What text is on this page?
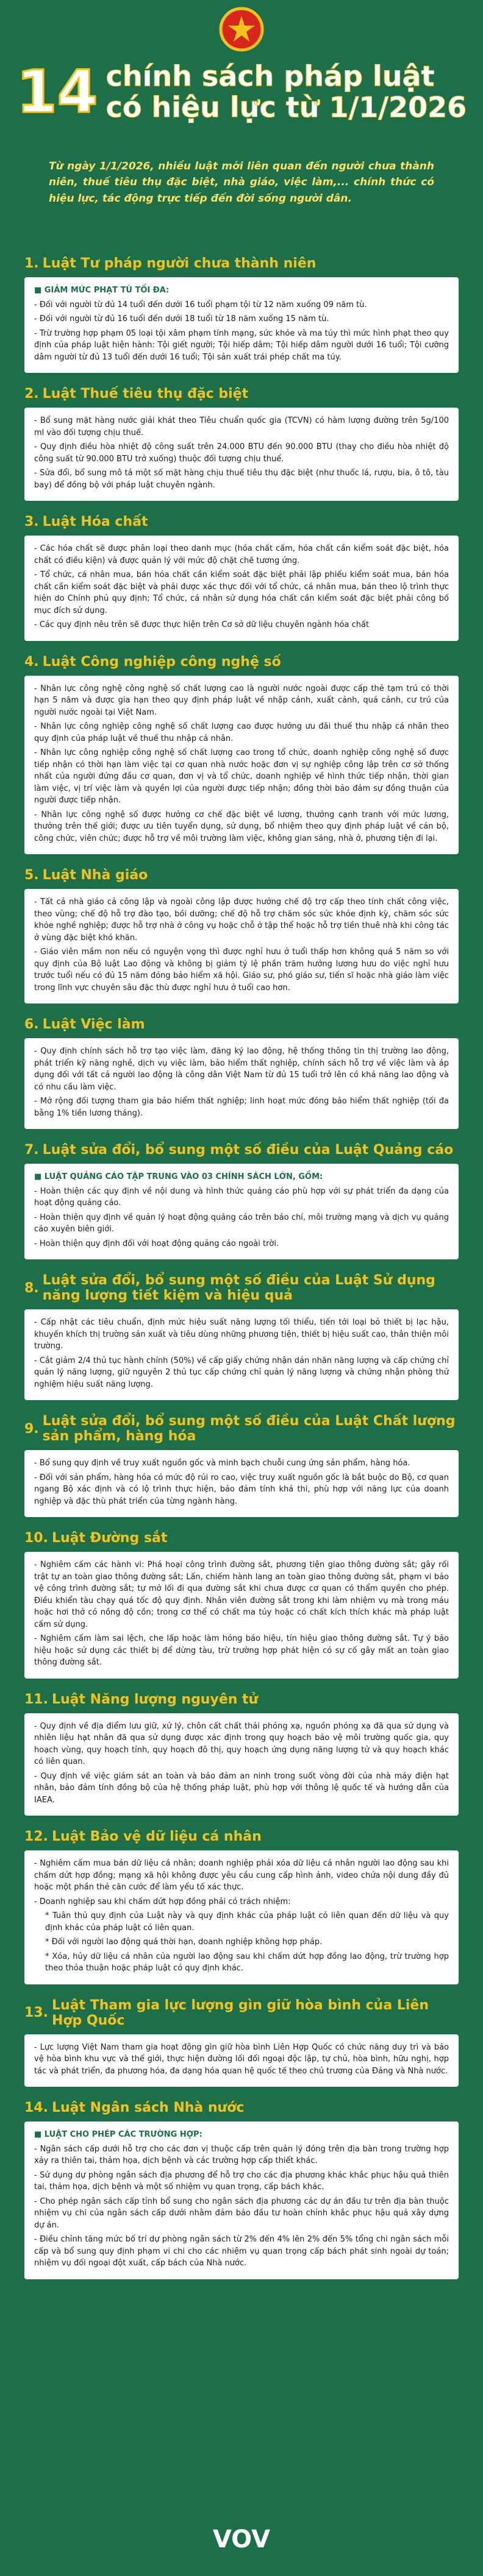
14 chính sách pháp luật
có hiệu lực từ 1/1/2026
Từ ngày 1/1/2026, nhiều luật mới liên quan đến người chưa thành niên, thuế tiêu thụ đặc biệt, nhà giáo, việc làm,... chính thức có hiệu lực, tác động trực tiếp đến đời sống người dân.
1. Luật Tư pháp người chưa thành niên

■ GIẢM MỨC PHẠT TÙ TỐI ĐA:

- Đối với người từ đủ 14 tuổi đến dưới 16 tuổi phạm tội từ 12 năm xuống 09 năm tù.

- Đối với người từ đủ 16 tuổi đến dưới 18 tuổi từ 18 năm xuống 15 năm tù.

- Trừ trường hợp phạm 05 loại tội xâm phạm tính mạng, sức khỏe và ma túy thì mức hình phạt theo quy định của pháp luật hiện hành: Tội giết người; Tội hiếp dâm; Tội hiếp dâm người dưới 16 tuổi; Tội cưỡng dâm người từ đủ 13 tuổi đến dưới 16 tuổi; Tội sản xuất trái phép chất ma túy.

2. Luật Thuế tiêu thụ đặc biệt

- Bổ sung mặt hàng nước giải khát theo Tiêu chuẩn quốc gia (TCVN) có hàm lượng đường trên 5g/100 ml vào đối tượng chịu thuế.

- Quy định điều hòa nhiệt độ công suất trên 24.000 BTU đến 90.000 BTU (thay cho điều hòa nhiệt độ công suất từ 90.000 BTU trở xuống) thuộc đối tượng chịu thuế.

- Sửa đổi, bổ sung mô tả một số mặt hàng chịu thuế tiêu thụ đặc biệt (như thuốc lá, rượu, bia, ô tô, tàu bay) để đồng bộ với pháp luật chuyên ngành.

3. Luật Hóa chất

- Các hóa chất sẽ được phân loại theo danh mục (hóa chất cấm, hóa chất cần kiểm soát đặc biệt, hóa chất có điều kiện) và được quản lý với mức độ chặt chẽ tương ứng.

- Tổ chức, cá nhân mua, bán hóa chất cần kiểm soát đặc biệt phải lập phiếu kiểm soát mua, bán hóa chất cần kiểm soát đặc biệt và phải được xác thực đối với tổ chức, cá nhân mua, bán theo lộ trình thực hiện do Chính phủ quy định; Tổ chức, cá nhân sử dụng hóa chất cần kiểm soát đặc biệt phải công bố mục đích sử dụng.

- Các quy định nêu trên sẽ được thực hiện trên Cơ sở dữ liệu chuyên ngành hóa chất

4. Luật Công nghiệp công nghệ số

- Nhân lực công nghệ công nghệ số chất lượng cao là người nước ngoài được cấp thẻ tạm trú có thời hạn 5 năm và được gia hạn theo quy định pháp luật về nhập cảnh, xuất cảnh, quá cảnh, cư trú của người nước ngoài tại Việt Nam.

- Nhân lực công nghiệp công nghệ số chất lượng cao được hưởng ưu đãi thuế thu nhập cá nhân theo quy định của pháp luật về thuế thu nhập cá nhân.

- Nhân lực công nghiệp công nghệ số chất lượng cao trong tổ chức, doanh nghiệp công nghệ số được tiếp nhận có thời hạn làm việc tại cơ quan nhà nước hoặc đơn vị sự nghiệp công lập trên cơ sở thống nhất của người đứng đầu cơ quan, đơn vị và tổ chức, doanh nghiệp về hình thức tiếp nhận, thời gian làm việc, vị trí việc làm và quyền lợi của người được tiếp nhận; đồng thời bảo đảm sự đồng thuận của người được tiếp nhận.

- Nhân lực công nghệ số được hưởng cơ chế đặc biệt về lương, thưởng cạnh tranh với mức lương, thưởng trên thế giới; được ưu tiên tuyển dụng, sử dụng, bổ nhiệm theo quy định pháp luật về cán bộ, công chức, viên chức; được hỗ trợ về môi trường làm việc, không gian sáng, nhà ở, phương tiện đi lại.

5. Luật Nhà giáo

- Tất cả nhà giáo cả công lập và ngoài công lập được hưởng chế độ trợ cấp theo tính chất công việc, theo vùng; chế độ hỗ trợ đào tạo, bồi dưỡng; chế độ hỗ trợ chăm sóc sức khỏe định kỳ, chăm sóc sức khỏe nghề nghiệp; được hỗ trợ nhà ở công vụ hoặc chỗ ở tập thể hoặc hỗ trợ tiền thuê nhà khi công tác ở vùng đặc biệt khó khăn.

- Giáo viên mầm non nếu có nguyện vọng thì được nghỉ hưu ở tuổi thấp hơn không quá 5 năm so với quy định của Bộ luật Lao động và không bị giảm tỷ lệ phần trăm hưởng lương hưu do việc nghỉ hưu trước tuổi nếu có đủ 15 năm đóng bảo hiểm xã hội. Giáo sư, phó giáo sư, tiến sĩ hoặc nhà giáo làm việc trong lĩnh vực chuyên sâu đặc thù được nghỉ hưu ở tuổi cao hơn.

6. Luật Việc làm

- Quy định chính sách hỗ trợ tạo việc làm, đăng ký lao động, hệ thống thông tin thị trường lao động, phát triển kỹ năng nghề, dịch vụ việc làm, bảo hiểm thất nghiệp, chính sách hỗ trợ về việc làm và áp dụng đối với tất cả người lao động là công dân Việt Nam từ đủ 15 tuổi trở lên có khả năng lao động và có nhu cầu làm việc.

- Mở rộng đối tượng tham gia bảo hiểm thất nghiệp; linh hoạt mức đóng bảo hiểm thất nghiệp (tối đa bằng 1% tiền lương tháng).

7. Luật sửa đổi, bổ sung một số điều của Luật Quảng cáo

■ LUẬT QUẢNG CÁO TẬP TRUNG VÀO 03 CHÍNH SÁCH LỚN, GỒM:

- Hoàn thiện các quy định về nội dung và hình thức quảng cáo phù hợp với sự phát triển đa dạng của hoạt động quảng cáo.

- Hoàn thiện quy định về quản lý hoạt động quảng cáo trên báo chí, môi trường mạng và dịch vụ quảng cáo xuyên biên giới.

- Hoàn thiện quy định đối với hoạt động quảng cáo ngoài trời.

8. Luật sửa đổi, bổ sung một số điều của Luật Sử dụng năng lượng tiết kiệm và hiệu quả

- Cấp nhật các tiêu chuẩn, định mức hiệu suất năng lượng tối thiểu, tiến tới loại bỏ thiết bị lạc hậu, khuyến khích thị trường sản xuất và tiêu dùng những phương tiện, thiết bị hiệu suất cao, thân thiện môi trường.

- Cắt giảm 2/4 thủ tục hành chính (50%) về cấp giấy chứng nhận dán nhãn năng lượng và cấp chứng chỉ quản lý năng lượng, giữ nguyên 2 thủ tục cấp chứng chỉ quản lý năng lượng và chứng nhận phòng thử nghiệm hiệu suất năng lượng.

9. Luật sửa đổi, bổ sung một số điều của Luật Chất lượng sản phẩm, hàng hóa

- Bổ sung quy định về truy xuất nguồn gốc và minh bạch chuỗi cung ứng sản phẩm, hàng hóa.

- Đối với sản phẩm, hàng hóa có mức độ rủi ro cao, việc truy xuất nguồn gốc là bắt buộc do Bộ, cơ quan ngang Bộ xác định và có lộ trình thực hiện, bảo đảm tính khả thi, phù hợp với năng lực của doanh nghiệp và đặc thù phát triển của từng ngành hàng.

10. Luật Đường sắt

- Nghiêm cấm các hành vi: Phá hoại công trình đường sắt, phương tiện giao thông đường sắt; gây rối trật tự an toàn giao thông đường sắt; Lấn, chiếm hành lang an toàn giao thông đường sắt, phạm vi bảo vệ công trình đường sắt; tự mở lối đi qua đường sắt khi chưa được cơ quan có thẩm quyền cho phép. Điều khiển tàu chạy quá tốc độ quy định. Nhân viên đường sắt trong khi làm nhiệm vụ mà trong máu hoặc hơi thở có nồng độ cồn; trong cơ thể có chất ma túy hoặc có chất kích thích khác mà pháp luật cấm sử dụng.

- Nghiêm cấm làm sai lệch, che lấp hoặc làm hỏng báo hiệu, tín hiệu giao thông đường sắt. Tự ý bảo hiệu hoặc sử dụng các thiết bị để dừng tàu, trừ trường hợp phát hiện có sự cố gây mất an toàn giao thông đường sắt.

11. Luật Năng lượng nguyên tử

- Quy định về địa điểm lưu giữ, xử lý, chôn cất chất thải phóng xạ, nguồn phóng xạ đã qua sử dụng và nhiên liệu hạt nhân đã qua sử dụng được xác định trong quy hoạch bảo vệ môi trường quốc gia, quy hoạch vùng, quy hoạch tỉnh, quy hoạch đô thị, quy hoạch ứng dụng năng lượng tử và quy hoạch khác có liên quan.

- Quy định về việc giám sát an toàn và bảo đảm an ninh trong suốt vòng đời của nhà máy điện hạt nhân, bảo đảm tính đồng bộ của hệ thống pháp luật, phù hợp với thông lệ quốc tế và hướng dẫn của IAEA.

12. Luật Bảo vệ dữ liệu cá nhân

- Nghiêm cấm mua bán dữ liệu cá nhân; doanh nghiệp phải xóa dữ liệu cá nhân người lao động sau khi chấm dứt hợp đồng; mạng xã hội không được yêu cầu cung cấp hình ảnh, video chứa nội dung đầy đủ hoặc một phần thẻ căn cước để làm yếu tố xác thực.

- Doanh nghiệp sau khi chấm dứt hợp đồng phải có trách nhiệm:

* Tuân thủ quy định của Luật này và quy định khác của pháp luật có liên quan đến dữ liệu và quy định khác của pháp luật có liên quan.

* Đối với người lao động quá thời hạn, doanh nghiệp không hợp pháp.

* Xóa, hủy dữ liệu cá nhân của người lao động sau khi chấm dứt hợp đồng lao động, trừ trường hợp theo thỏa thuận hoặc pháp luật có quy định khác.

13. Luật Tham gia lực lượng gìn giữ hòa bình của Liên Hợp Quốc

- Lực lượng Việt Nam tham gia hoạt động gìn giữ hòa bình Liên Hợp Quốc có chức năng duy trì và bảo vệ hòa bình khu vực và thế giới, thực hiện đường lối đối ngoại độc lập, tự chủ, hòa bình, hữu nghị, hợp tác và phát triển, đa phương hóa, đa dạng hóa quan hệ quốc tế theo chủ trương của Đảng và Nhà nước.

14. Luật Ngân sách Nhà nước

■ LUẬT CHO PHÉP CÁC TRƯỜNG HỢP:

- Ngân sách cấp dưới hỗ trợ cho các đơn vị thuộc cấp trên quản lý đóng trên địa bàn trong trường hợp xảy ra thiên tai, thảm họa, dịch bệnh và các trường hợp cấp thiết khác.

- Sử dụng dự phòng ngân sách địa phương để hỗ trợ cho các địa phương khác khắc phục hậu quả thiên tai, thảm họa, dịch bệnh và một số nhiệm vụ quan trọng, cấp bách khác.

- Cho phép ngân sách cấp tỉnh bổ sung cho ngân sách địa phương các dự án đầu tư trên địa bàn thuộc nhiệm vụ chi của ngân sách cấp dưới nhằm đảm bảo đầu tư hoàn chỉnh khắc phục hậu quả xây dựng dự án.

- Điều chỉnh tăng mức bố trí dự phòng ngân sách từ 2% đến 4% lên 2% đến 5% tổng chi ngân sách mỗi cấp và bổ sung quy định phạm vi chi cho các nhiệm vụ quan trọng cấp bách phát sinh ngoài dự toán; nhiệm vụ đối ngoại đột xuất, cấp bách của Nhà nước.

VOV
